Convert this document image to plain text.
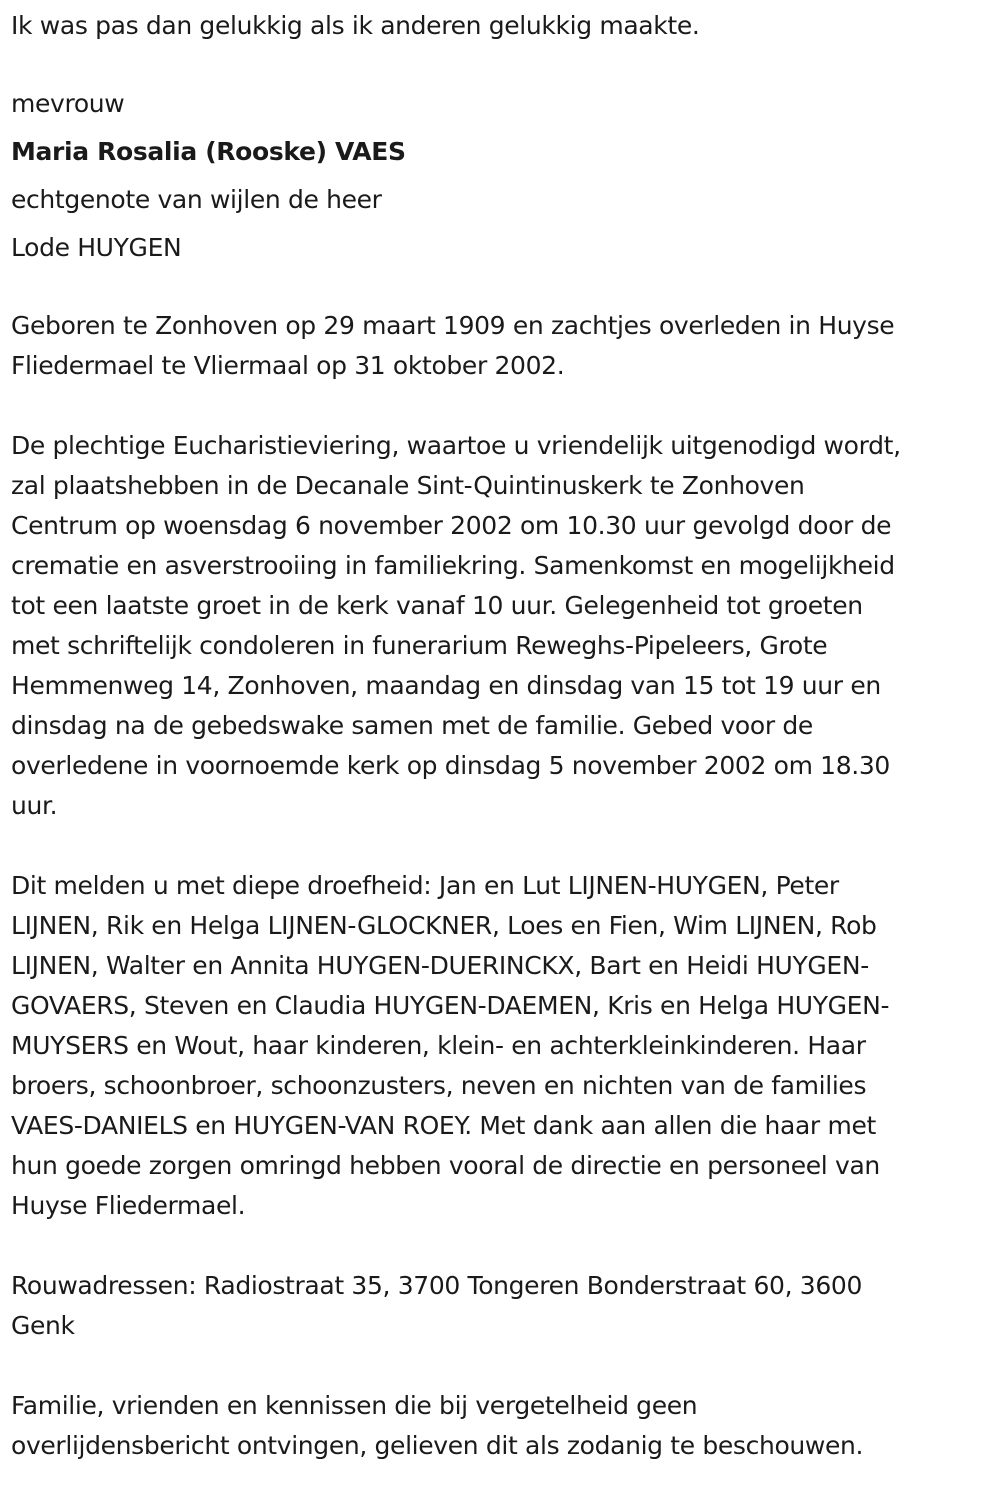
Ik was pas dan gelukkig als ik anderen gelukkig maakte.

mevrouw

Maria Rosalia (Rooske) VAES

echtgenote van wijlen de heer

Lode HUYGEN

Geboren te Zonhoven op 29 maart 1909 en zachtjes overleden in Huyse

Fliedermael te Vliermaal op 31 oktober 2002.

De plechtige Eucharistieviering, waartoe u vriendelijk uitgenodigd wordt,

zal plaatshebben in de Decanale Sint-Quintinuskerk te Zonhoven

Centrum op woensdag 6 november 2002 om 10.30 uur gevolgd door de

crematie en asverstrooiing in familiekring. Samenkomst en mogelijkheid

tot een laatste groet in de kerk vanaf 10 uur. Gelegenheid tot groeten

met schriftelijk condoleren in funerarium Reweghs-Pipeleers, Grote

Hemmenweg 14, Zonhoven, maandag en dinsdag van 15 tot 19 uur en

dinsdag na de gebedswake samen met de familie. Gebed voor de

overledene in voornoemde kerk op dinsdag 5 november 2002 om 18.30

uur.

Dit melden u met diepe droefheid: Jan en Lut LIJNEN-HUYGEN, Peter

LIJNEN, Rik en Helga LIJNEN-GLOCKNER, Loes en Fien, Wim LIJNEN, Rob

LIJNEN, Walter en Annita HUYGEN-DUERINCKX, Bart en Heidi HUYGEN-

GOVAERS, Steven en Claudia HUYGEN-DAEMEN, Kris en Helga HUYGEN-

MUYSERS en Wout, haar kinderen, klein- en achterkleinkinderen. Haar

broers, schoonbroer, schoonzusters, neven en nichten van de families

VAES-DANIELS en HUYGEN-VAN ROEY. Met dank aan allen die haar met

hun goede zorgen omringd hebben vooral de directie en personeel van

Huyse Fliedermael.

Rouwadressen: Radiostraat 35, 3700 Tongeren Bonderstraat 60, 3600

Genk

Familie, vrienden en kennissen die bij vergetelheid geen

overlijdensbericht ontvingen, gelieven dit als zodanig te beschouwen.
